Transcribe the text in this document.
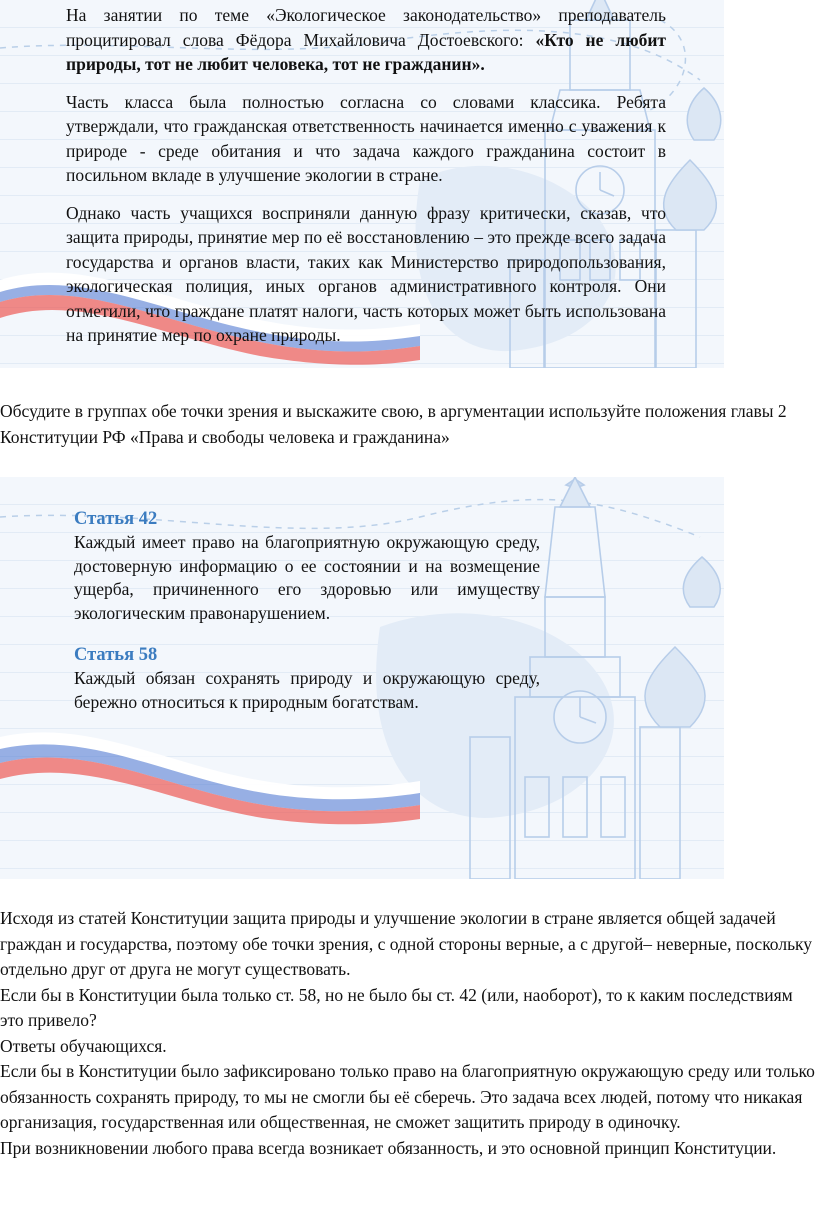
На занятии по теме «Экологическое законодательство» преподаватель процитировал слова Фёдора Михайловича Достоевского: «Кто не любит природы, тот не любит человека, тот не гражданин».

Часть класса была полностью согласна со словами классика. Ребята утверждали, что гражданская ответственность начинается именно с уважения к природе - среде обитания и что задача каждого гражданина состоит в посильном вкладе в улучшение экологии в стране.

Однако часть учащихся восприняли данную фразу критически, сказав, что защита природы, принятие мер по её восстановлению – это прежде всего задача государства и органов власти, таких как Министерство природопользования, экологическая полиция, иных органов административного контроля. Они отметили, что граждане платят налоги, часть которых может быть использована на принятие мер по охране природы.

Обсудите в группах обе точки зрения и выскажите свою, в аргументации используйте положения главы 2 Конституции РФ «Права и свободы человека и гражданина»

Статья 42

Каждый имеет право на благоприятную окружающую среду, достоверную информацию о ее состоянии и на возмещение ущерба, причиненного его здоровью или имуществу экологическим правонарушением.

Статья 58

Каждый обязан сохранять природу и окружающую среду, бережно относиться к природным богатствам.

Исходя из статей Конституции защита природы и улучшение экологии в стране является общей задачей граждан и государства, поэтому обе точки зрения, с одной стороны верные, а с другой– неверные, поскольку отдельно друг от друга не могут существовать.

Если бы в Конституции была только ст. 58, но не было бы ст. 42 (или, наоборот), то к каким последствиям это привело?

Ответы обучающихся.

Если бы в Конституции было зафиксировано только право на благоприятную окружающую среду или только обязанность сохранять природу, то мы не смогли бы её сберечь. Это задача всех людей, потому что никакая организация, государственная или общественная, не сможет защитить природу в одиночку.

При возникновении любого права всегда возникает обязанность, и это основной принцип Конституции.
